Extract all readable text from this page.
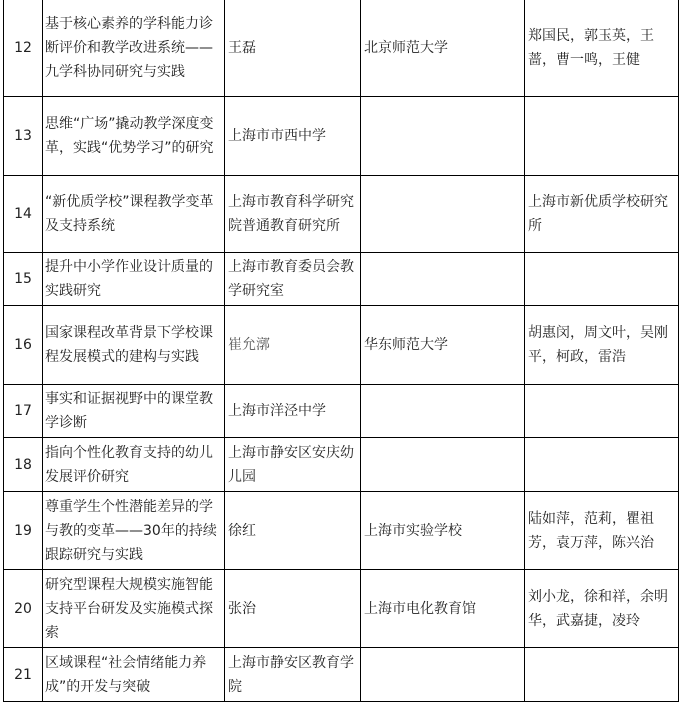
12	基于核心素养的学科能力诊断评价和教学改进系统——九学科协同研究与实践	王磊	北京师范大学	郑国民，郭玉英，王蔷，曹一鸣，王健
13	思维“广场”撬动教学深度变革，实践“优势学习”的研究	上海市市西中学		
14	“新优质学校”课程教学变革及支持系统	上海市教育科学研究院普通教育研究所		上海市新优质学校研究所
15	提升中小学作业设计质量的实践研究	上海市教育委员会教学研究室		
16	国家课程改革背景下学校课程发展模式的建构与实践	崔允漷	华东师范大学	胡惠闵，周文叶，吴刚平，柯政，雷浩
17	事实和证据视野中的课堂教学诊断	上海市洋泾中学		
18	指向个性化教育支持的幼儿发展评价研究	上海市静安区安庆幼儿园		
19	尊重学生个性潜能差异的学与教的变革——30年的持续跟踪研究与实践	徐红	上海市实验学校	陆如萍，范莉，瞿祖芳，袁万萍，陈兴治
20	研究型课程大规模实施智能支持平台研发及实施模式探索	张治	上海市电化教育馆	刘小龙，徐和祥，余明华，武嘉捷，凌玲
21	区域课程“社会情绪能力养成”的开发与突破	上海市静安区教育学院		
